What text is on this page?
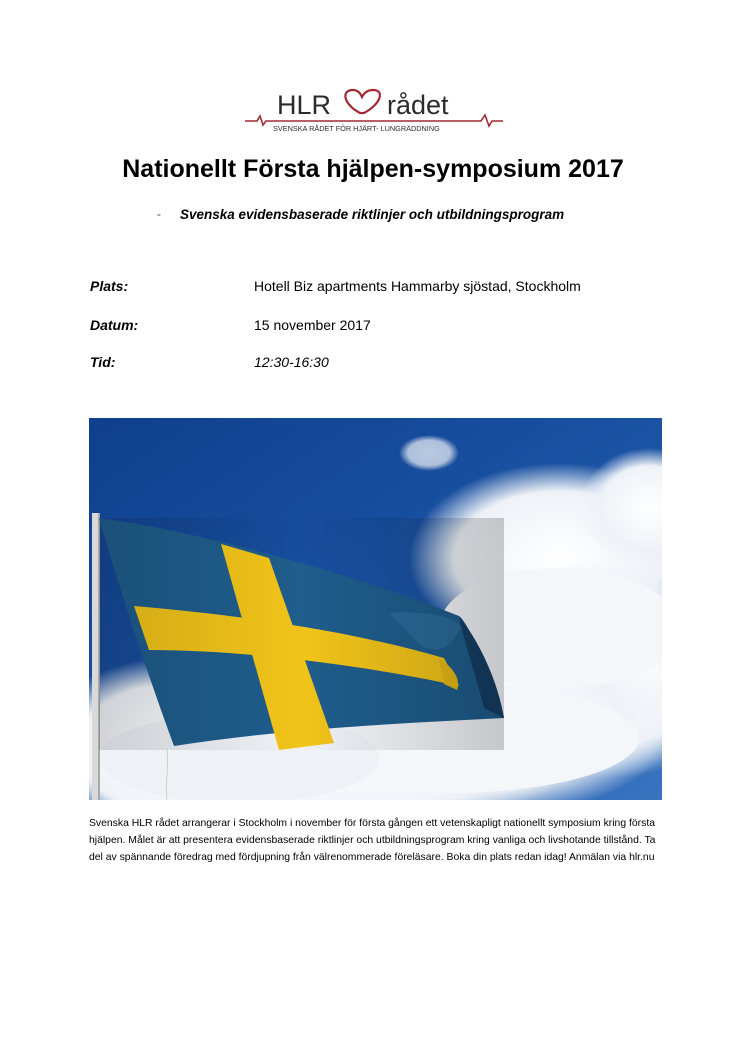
HLR rådet
SVENSKA RÅDET FÖR HJÄRT- LUNGRÄDDNING
Nationellt Första hjälpen-symposium 2017
- Svenska evidensbaserade riktlinjer och utbildningsprogram
Plats:	Hotell Biz apartments Hammarby sjöstad, Stockholm
Datum:	15 november 2017
Tid:	12:30-16:30
Svenska HLR rådet arrangerar i Stockholm i november för första gången ett vetenskapligt nationellt symposium kring första hjälpen. Målet är att presentera evidensbaserade riktlinjer och utbildningsprogram kring vanliga och livshotande tillstånd. Ta del av spännande föredrag med fördjupning från välrenommerade föreläsare. Boka din plats redan idag! Anmälan via hlr.nu
